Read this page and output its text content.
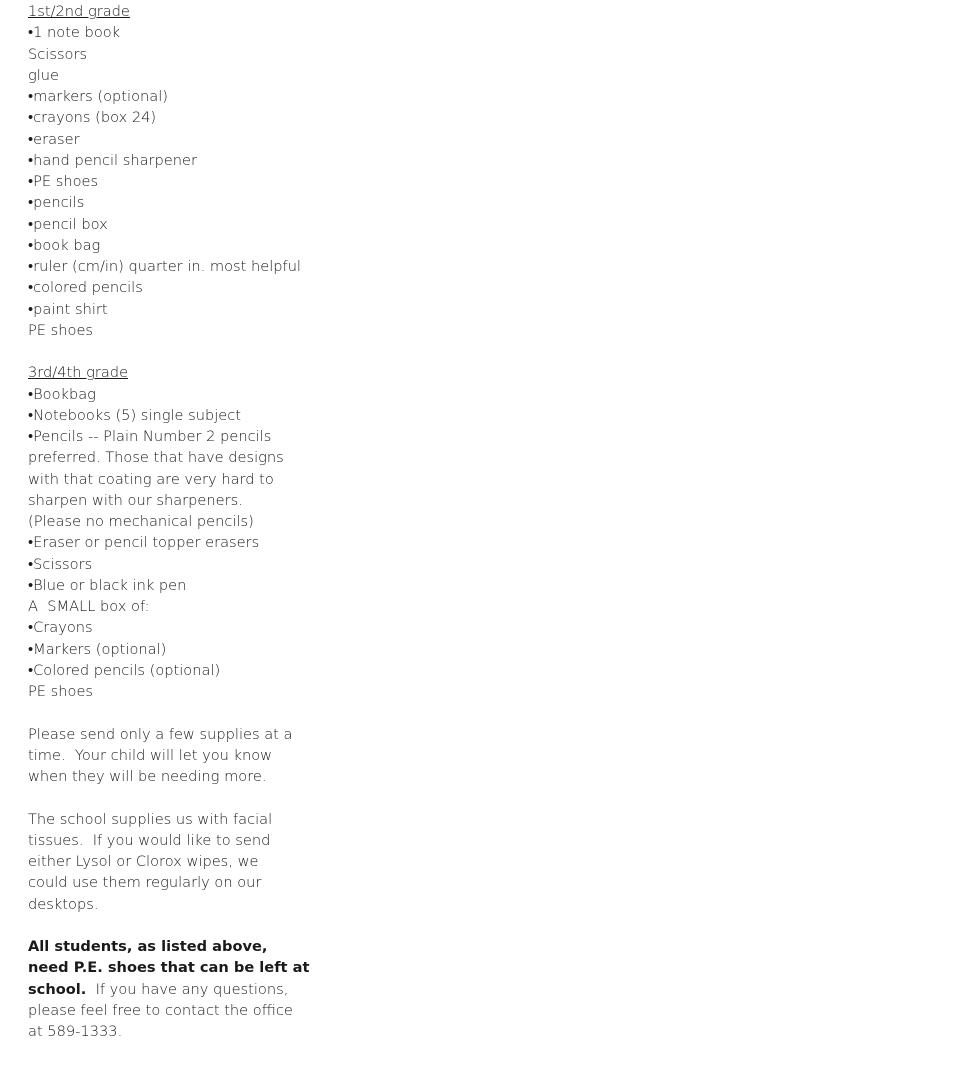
1st/2nd grade
•1 note book
Scissors
glue
•markers (optional)
•crayons (box 24)
•eraser
•hand pencil sharpener
•PE shoes
•pencils
•pencil box
•book bag
•ruler (cm/in) quarter in. most helpful
•colored pencils
•paint shirt
PE shoes
3rd/4th grade
•Bookbag
•Notebooks (5) single subject
•Pencils -- Plain Number 2 pencils
preferred. Those that have designs
with that coating are very hard to
sharpen with our sharpeners.
(Please no mechanical pencils)
•Eraser or pencil topper erasers
•Scissors
•Blue or black ink pen
A  SMALL box of:
•Crayons
•Markers (optional)
•Colored pencils (optional)
PE shoes
Please send only a few supplies at a
time.  Your child will let you know
when they will be needing more.
The school supplies us with facial
tissues.  If you would like to send
either Lysol or Clorox wipes, we
could use them regularly on our
desktops.
All students, as listed above,
need P.E. shoes that can be left at
school.  If you have any questions,
please feel free to contact the office
at 589-1333.
